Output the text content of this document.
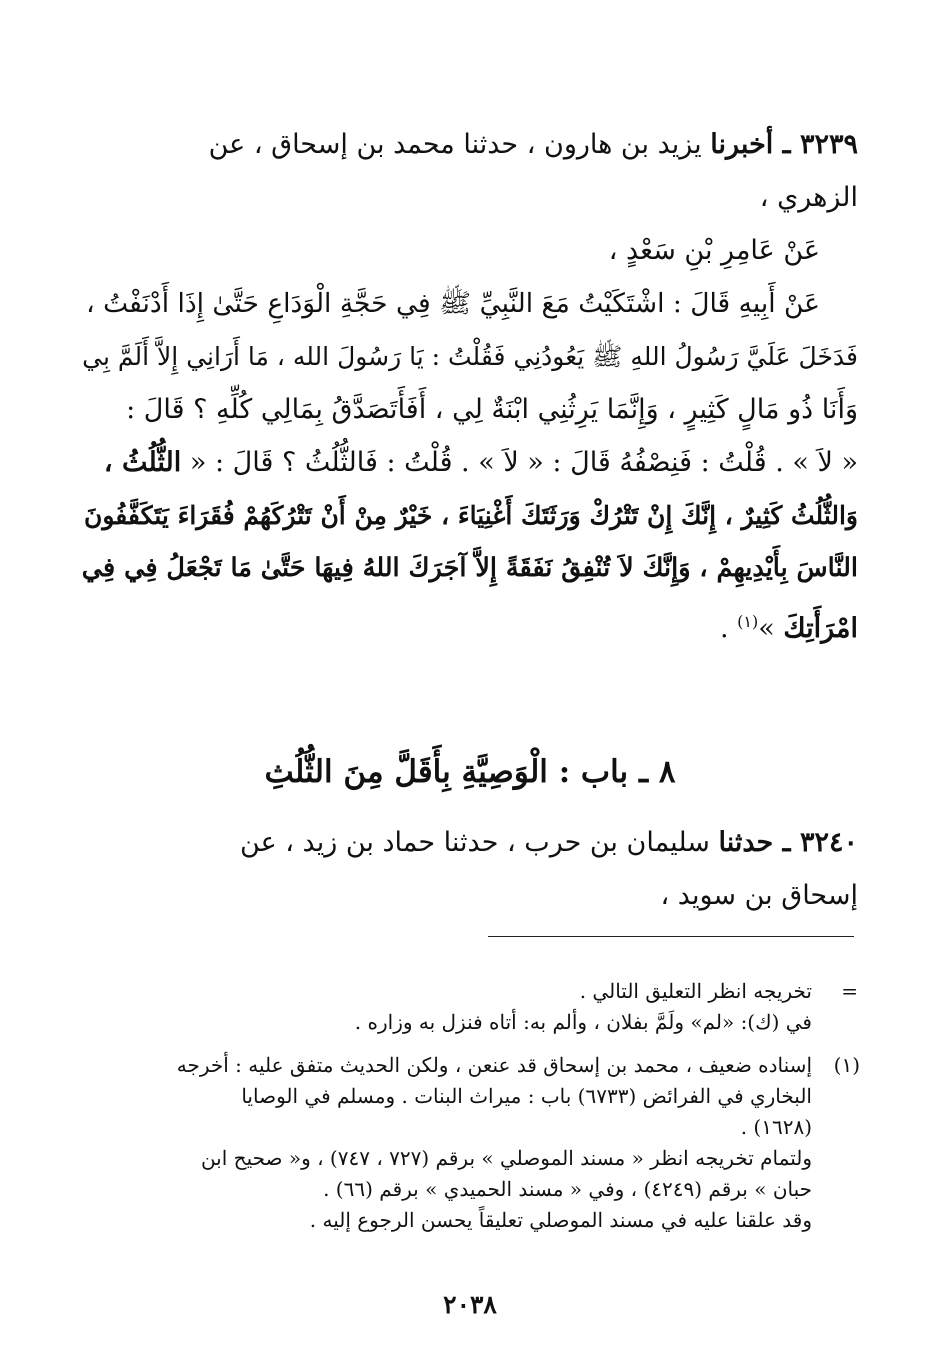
٣٢٣٩ ـ أخبرنا يزيد بن هارون ، حدثنا محمد بن إسحاق ، عن
الزهري ،
عَنْ عَامِرِ بْنِ سَعْدٍ ،
عَنْ أَبِيهِ قَالَ : اشْتَكَيْتُ مَعَ النَّبِيِّ ﷺ فِي حَجَّةِ الْوَدَاعِ حَتَّىٰ إِذَا أَدْنَفْتُ ،
فَدَخَلَ عَلَيَّ رَسُولُ اللهِ ﷺ يَعُودُنِي فَقُلْتُ : يَا رَسُولَ الله ، مَا أَرَانِي إِلاَّ أَلَمَّ بِي
وَأَنَا ذُو مَالٍ كَثِيرٍ ، وَإِنَّمَا يَرِثُنِي ابْنَةٌ لِي ، أَفَأَتَصَدَّقُ بِمَالِي كُلِّهِ ؟ قَالَ :
« لاَ » . قُلْتُ : فَنِصْفُهُ قَالَ : « لاَ » . قُلْتُ : فَالثُّلُثُ ؟ قَالَ : « الثُّلُثُ ،
وَالثُّلُثُ كَثِيرٌ ، إِنَّكَ إِنْ تَتْرُكْ وَرَثَتَكَ أَغْنِيَاءَ ، خَيْرٌ مِنْ أَنْ تَتْرُكَهُمْ فُقَرَاءَ يَتَكَفَّفُونَ
النَّاسَ بِأَيْدِيهِمْ ، وَإِنَّكَ لاَ تُنْفِقُ نَفَقَةً إِلاَّ آجَرَكَ اللهُ فِيهَا حَتَّىٰ مَا تَجْعَلُ فِي فِي
امْرَأَتِكَ »$^{(١)}$ .
٨ ـ باب : الْوَصِيَّةِ بِأَقَلَّ مِنَ الثُّلُثِ
٣٢٤٠ ـ حدثنا سليمان بن حرب ، حدثنا حماد بن زيد ، عن
إسحاق بن سويد ،
=
تخريجه انظر التعليق التالي .
في (ك): «لم» ولَمَّ بفلان ، وألم به: أتاه فنزل به وزاره .
(١)
إسناده ضعيف ، محمد بن إسحاق قد عنعن ، ولكن الحديث متفق عليه : أخرجه
البخاري في الفرائض (٦٧٣٣) باب : ميراث البنات . ومسلم في الوصايا
(١٦٢٨) .
ولتمام تخريجه انظر « مسند الموصلي » برقم (٧٢٧ ، ٧٤٧) ، و« صحيح ابن
حبان » برقم (٤٢٤٩) ، وفي « مسند الحميدي » برقم (٦٦) .
وقد علقنا عليه في مسند الموصلي تعليقاً يحسن الرجوع إليه .
٢٠٣٨
